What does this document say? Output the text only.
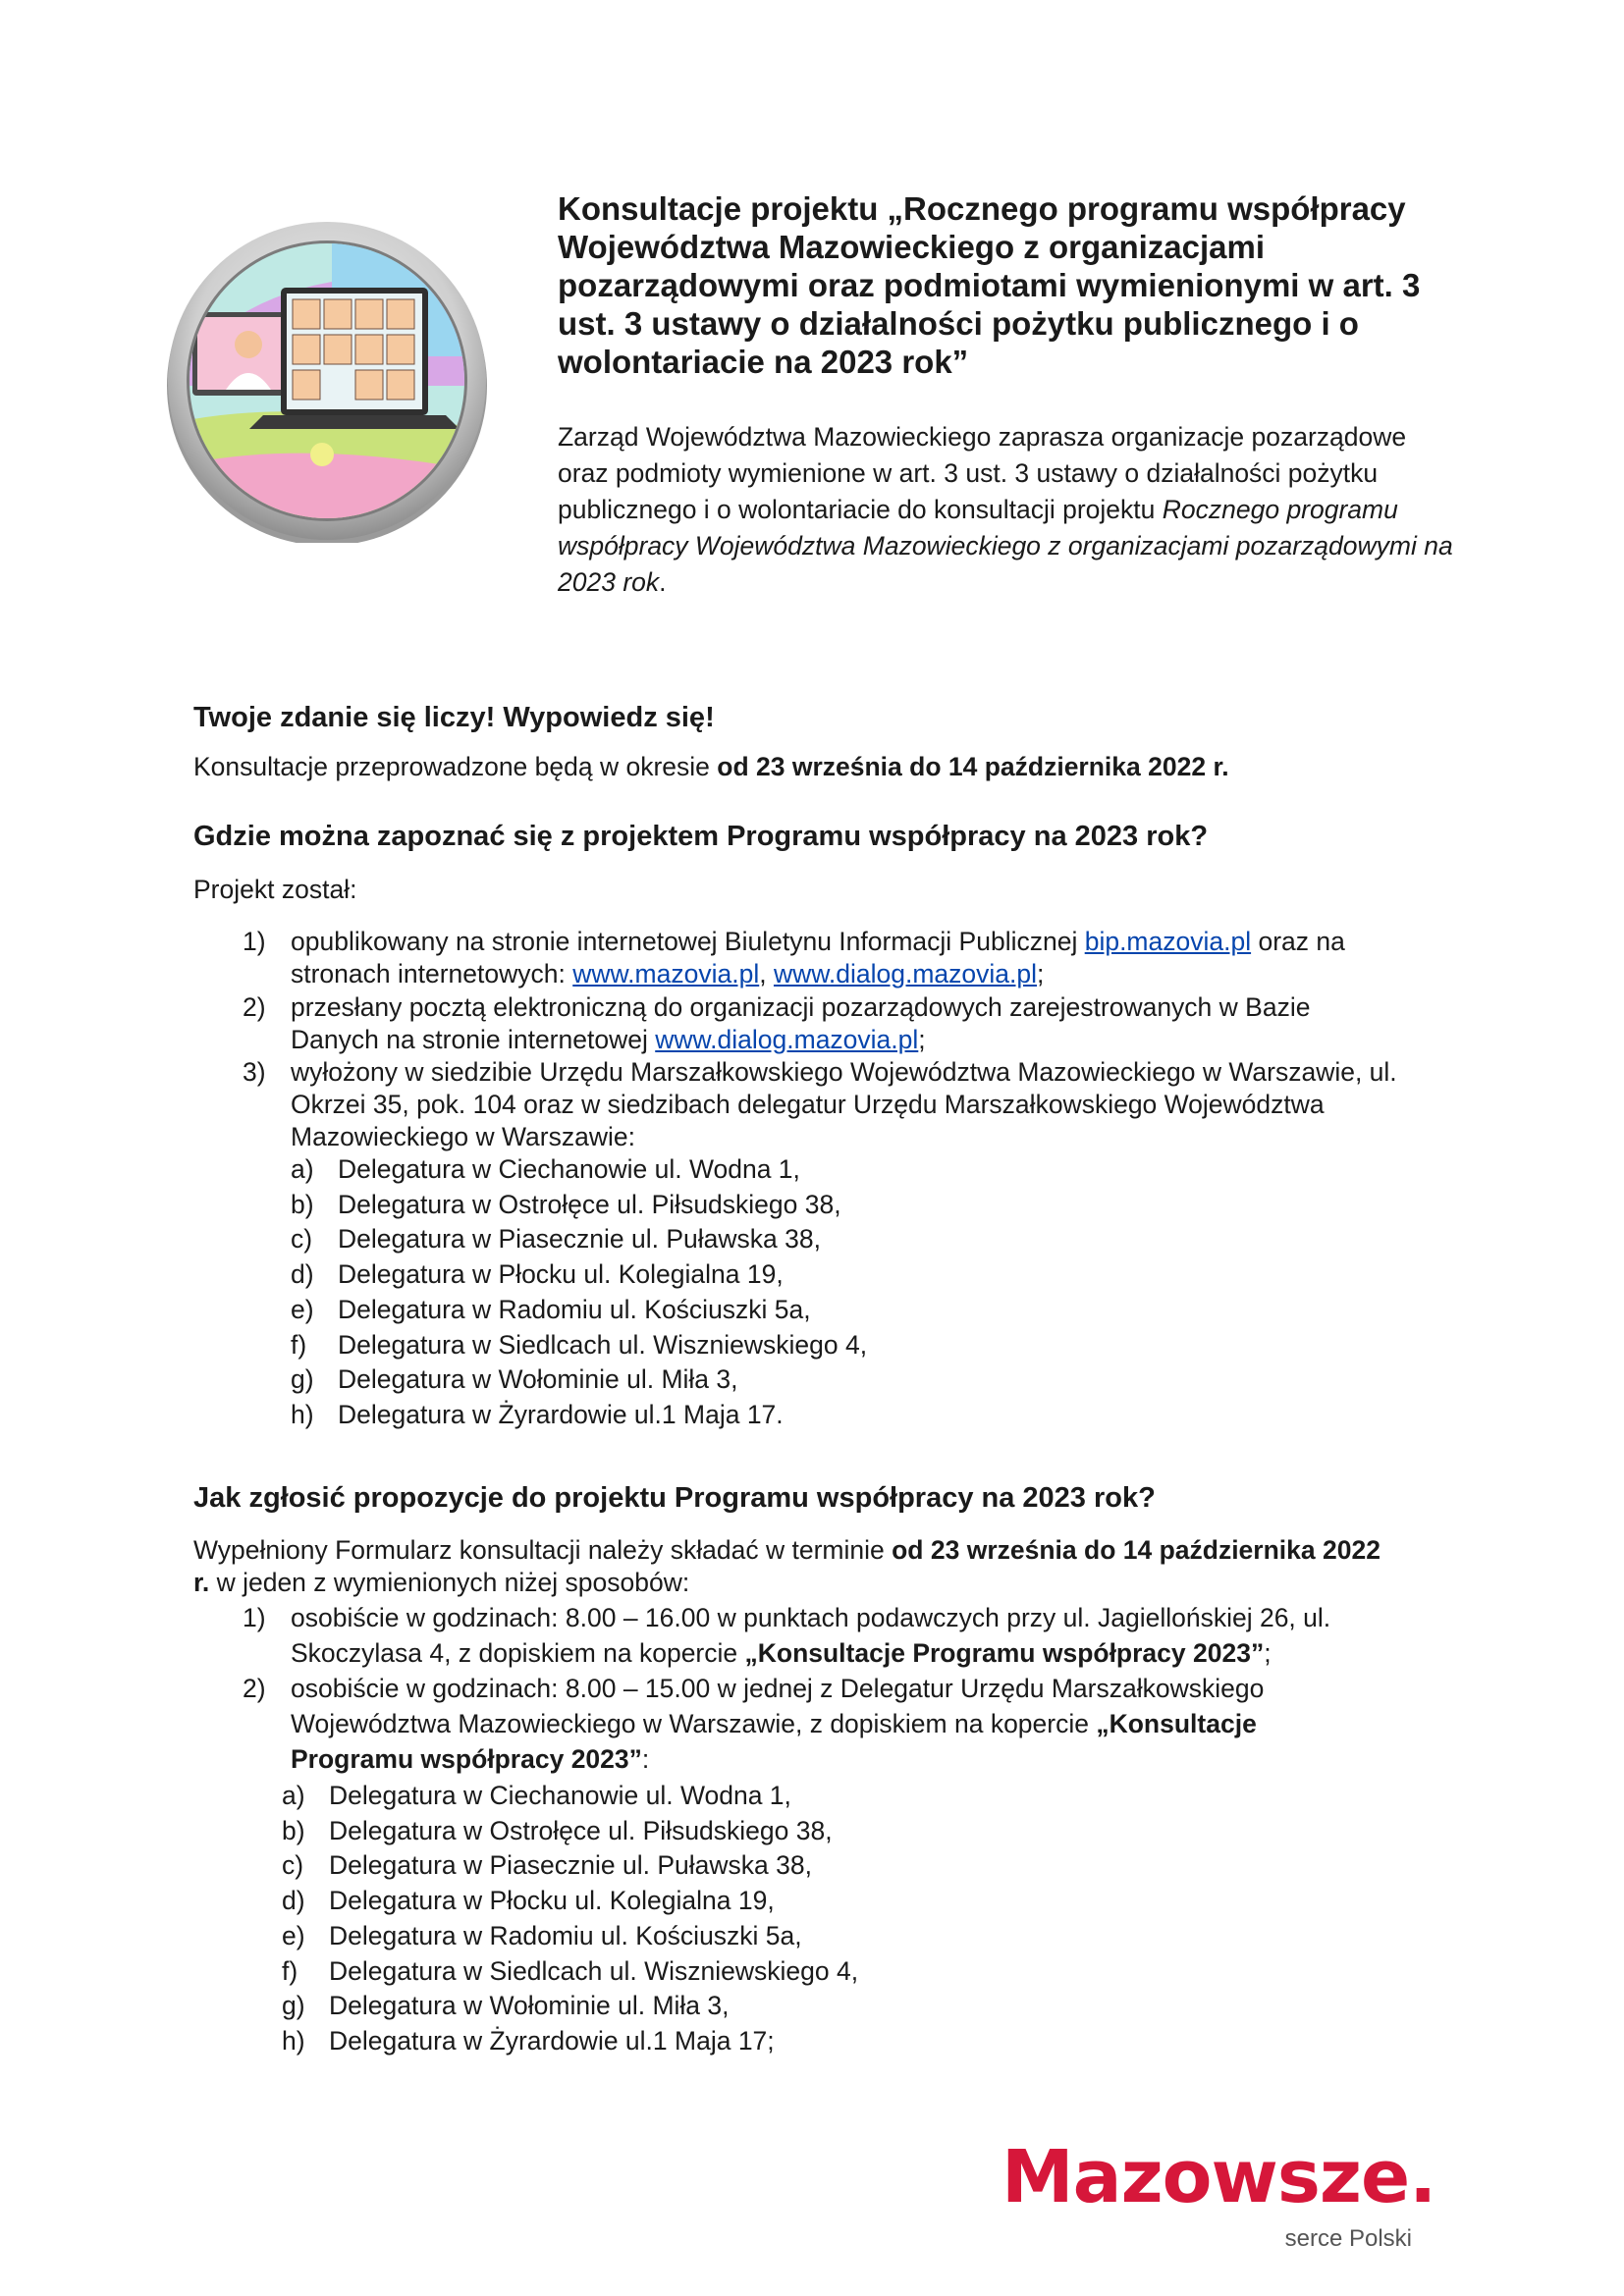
Konsultacje projektu „Rocznego programu współpracy Województwa Mazowieckiego z organizacjami pozarządowymi oraz podmiotami wymienionymi w art. 3 ust. 3 ustawy o działalności pożytku publicznego i o wolontariacie na 2023 rok”

Zarząd Województwa Mazowieckiego zaprasza organizacje pozarządowe oraz podmioty wymienione w art. 3 ust. 3 ustawy o działalności pożytku publicznego i o wolontariacie do konsultacji projektu Rocznego programu współpracy Województwa Mazowieckiego z organizacjami pozarządowymi na 2023 rok.

Twoje zdanie się liczy! Wypowiedz się!

Konsultacje przeprowadzone będą w okresie od 23 września do 14 października 2022 r.

Gdzie można zapoznać się z projektem Programu współpracy na 2023 rok?

Projekt został:

1) opublikowany na stronie internetowej Biuletynu Informacji Publicznej bip.mazovia.pl oraz na stronach internetowych: www.mazovia.pl, www.dialog.mazovia.pl;

2) przesłany pocztą elektroniczną do organizacji pozarządowych zarejestrowanych w Bazie Danych na stronie internetowej www.dialog.mazovia.pl;

3) wyłożony w siedzibie Urzędu Marszałkowskiego Województwa Mazowieckiego w Warszawie, ul. Okrzei 35, pok. 104 oraz w siedzibach delegatur Urzędu Marszałkowskiego Województwa Mazowieckiego w Warszawie:

a) Delegatura w Ciechanowie ul. Wodna 1,
b) Delegatura w Ostrołęce ul. Piłsudskiego 38,
c) Delegatura w Piasecznie ul. Puławska 38,
d) Delegatura w Płocku ul. Kolegialna 19,
e) Delegatura w Radomiu ul. Kościuszki 5a,
f) Delegatura w Siedlcach ul. Wiszniewskiego 4,
g) Delegatura w Wołominie ul. Miła 3,
h) Delegatura w Żyrardowie ul.1 Maja 17.
Jak zgłosić propozycje do projektu Programu współpracy na 2023 rok?

Wypełniony Formularz konsultacji należy składać w terminie od 23 września do 14 października 2022 r. w jeden z wymienionych niżej sposobów:

1) osobiście w godzinach: 8.00 – 16.00 w punktach podawczych przy ul. Jagiellońskiej 26, ul. Skoczylasa 4, z dopiskiem na kopercie „Konsultacje Programu współpracy 2023”;

2) osobiście w godzinach: 8.00 – 15.00 w jednej z Delegatur Urzędu Marszałkowskiego Województwa Mazowieckiego w Warszawie, z dopiskiem na kopercie „Konsultacje Programu współpracy 2023”:

a) Delegatura w Ciechanowie ul. Wodna 1,
b) Delegatura w Ostrołęce ul. Piłsudskiego 38,
c) Delegatura w Piasecznie ul. Puławska 38,
d) Delegatura w Płocku ul. Kolegialna 19,
e) Delegatura w Radomiu ul. Kościuszki 5a,
f) Delegatura w Siedlcach ul. Wiszniewskiego 4,
g) Delegatura w Wołominie ul. Miła 3,
h) Delegatura w Żyrardowie ul.1 Maja 17;
Mazowsze.
serce Polski
